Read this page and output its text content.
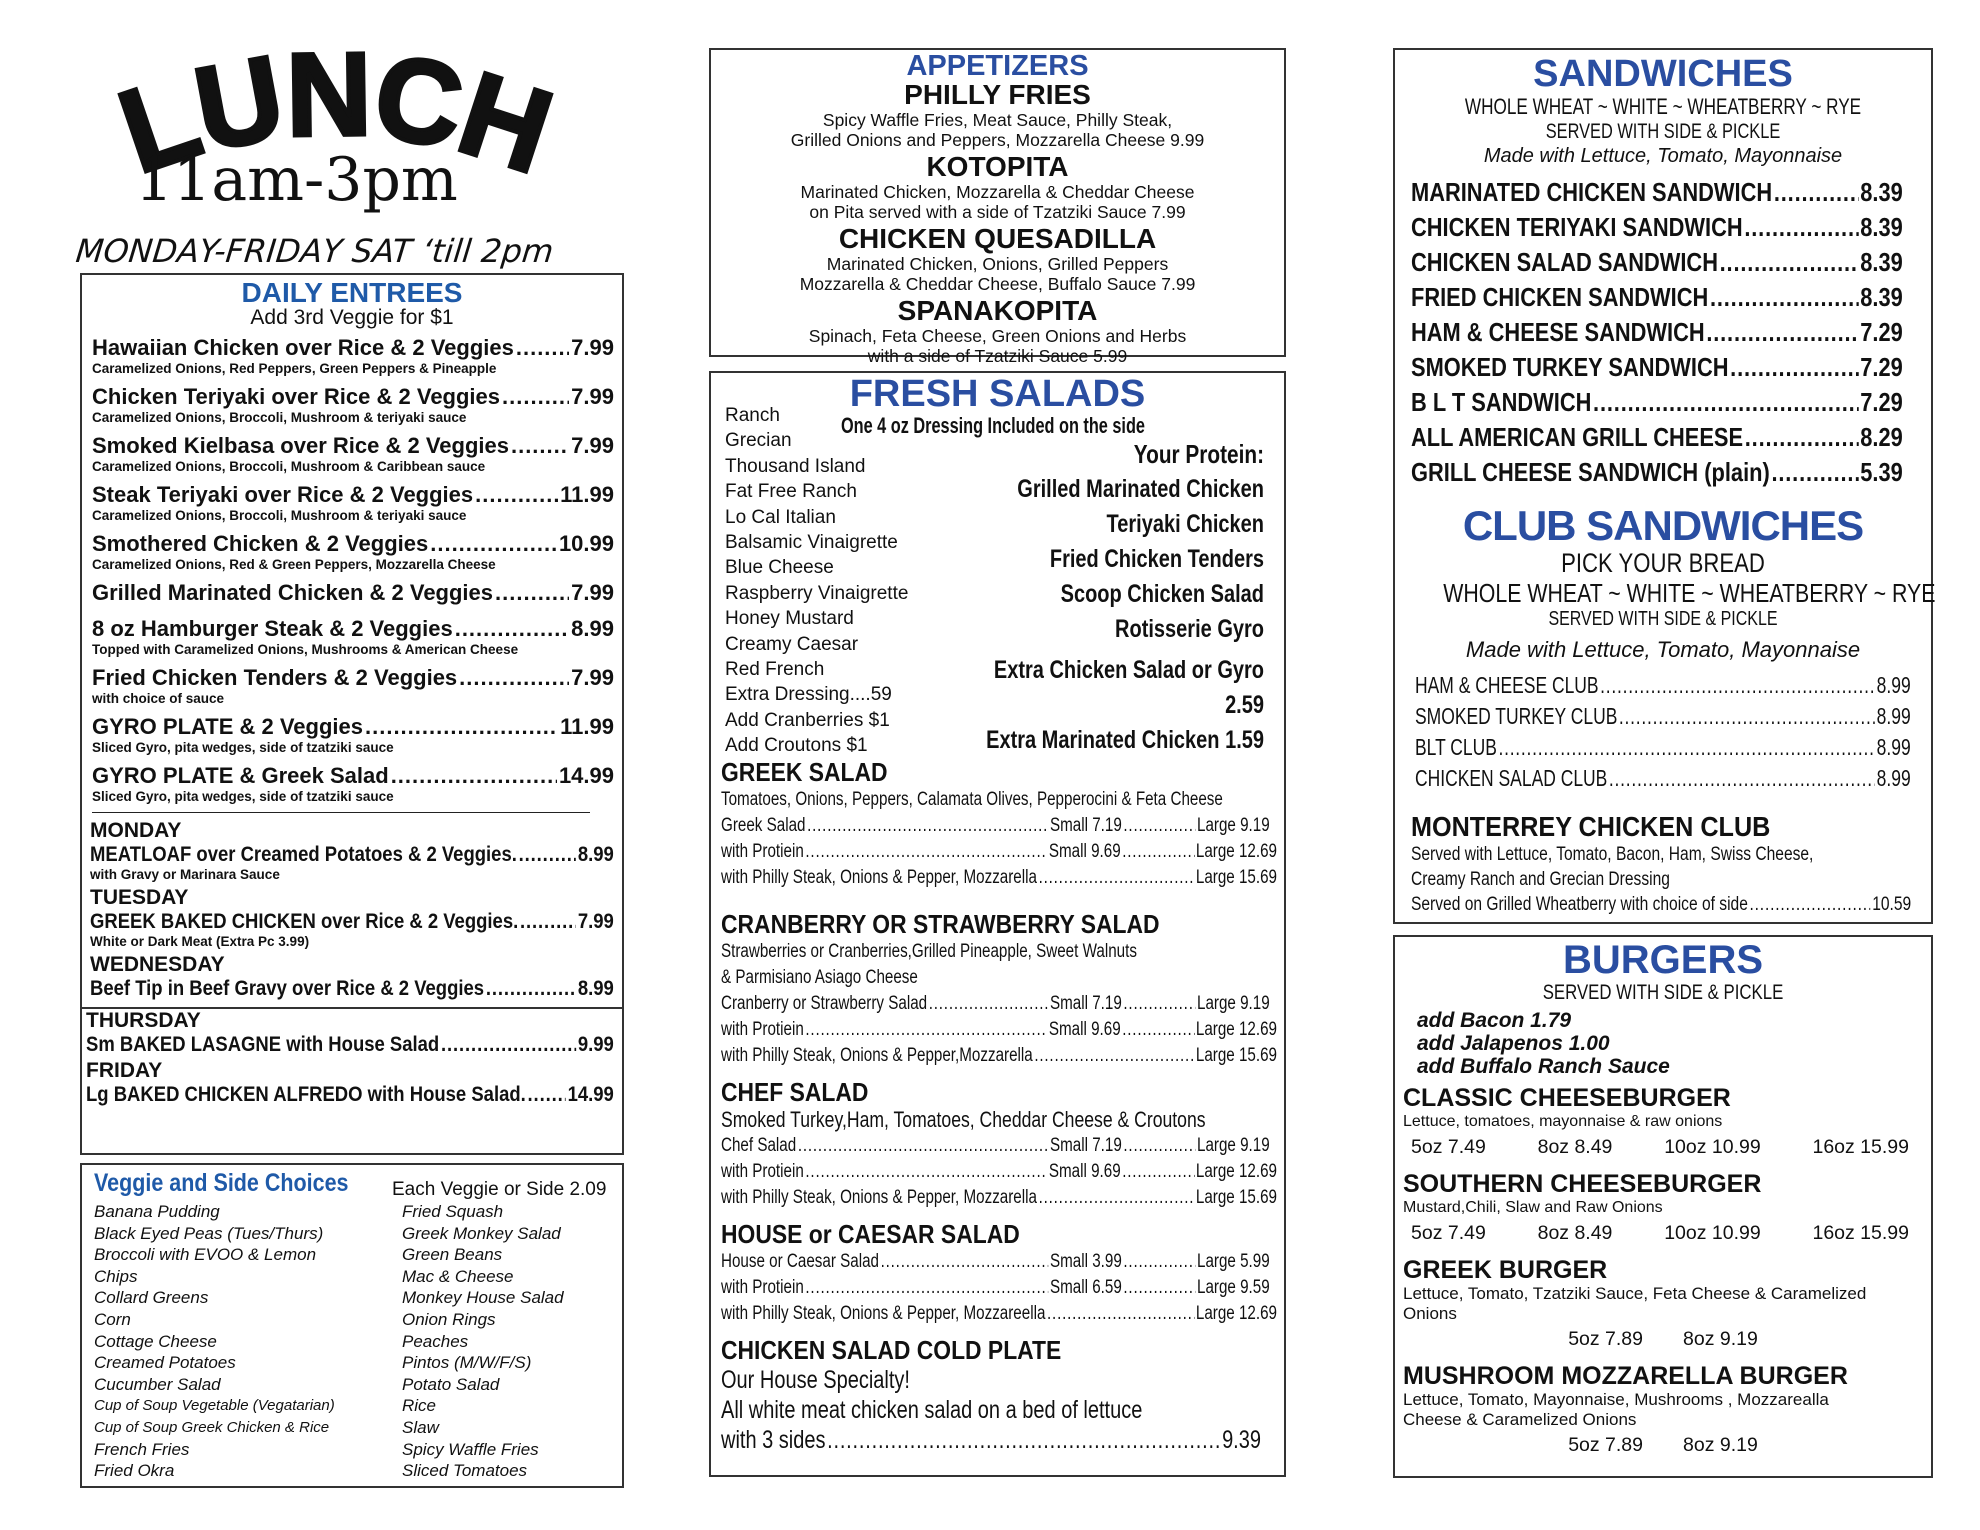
LUNCH
11am-3pm
MONDAY-FRIDAY SAT ‘till 2pm
DAILY ENTREES
Add 3rd Veggie for $1
Hawaiian Chicken over Rice & 2 Veggies .....	7.99
Caramelized Onions, Red Peppers, Green Peppers & Pineapple
Chicken Teriyaki over Rice & 2 Veggies .....	7.99
Caramelized Onions, Broccoli, Mushroom & teriyaki sauce
Smoked Kielbasa over Rice & 2 Veggies .....	7.99
Caramelized Onions, Broccoli, Mushroom & Caribbean sauce
Steak Teriyaki over Rice & 2 Veggies .....	11.99
Caramelized Onions, Broccoli, Mushroom & teriyaki sauce
Smothered Chicken & 2 Veggies .....	10.99
Caramelized Onions, Red & Green Peppers, Mozzarella Cheese
Grilled Marinated Chicken & 2 Veggies .....	7.99
8 oz Hamburger Steak & 2 Veggies .....	8.99
Topped with Caramelized Onions, Mushrooms & American Cheese
Fried Chicken Tenders & 2 Veggies .....	7.99
with choice of sauce
GYRO PLATE & 2 Veggies .....	11.99
Sliced Gyro, pita wedges, side of tzatziki sauce
GYRO PLATE & Greek Salad .....	14.99
Sliced Gyro, pita wedges, side of tzatziki sauce
MONDAY
MEATLOAF over Creamed Potatoes & 2 Veggies. .....	8.99
with Gravy or Marinara Sauce
TUESDAY
GREEK BAKED CHICKEN over Rice & 2 Veggies. .....	7.99
White or Dark Meat (Extra Pc 3.99)
WEDNESDAY
Beef Tip in Beef Gravy over Rice & 2 Veggies .....	8.99
THURSDAY
Sm BAKED LASAGNE with House Salad .....	9.99
FRIDAY
Lg BAKED CHICKEN ALFREDO with House Salad. ..... 14.99
Veggie and Side Choices Each Veggie or Side 2.09
Banana Pudding
Black Eyed Peas (Tues/Thurs)
Broccoli with EVOO & Lemon
Chips
Collard Greens
Corn
Cottage Cheese
Creamed Potatoes
Cucumber Salad
Cup of Soup Vegetable (Vegatarian)
Cup of Soup Greek Chicken & Rice
French Fries
Fried Okra
Fried Squash
Greek Monkey Salad
Green Beans
Mac & Cheese
Monkey House Salad
Onion Rings
Peaches
Pintos (M/W/F/S)
Potato Salad
Rice
Slaw
Spicy Waffle Fries
Sliced Tomatoes
APPETIZERS
PHILLY FRIES
Spicy Waffle Fries, Meat Sauce, Philly Steak,
Grilled Onions and Peppers, Mozzarella Cheese 9.99
KOTOPITA
Marinated Chicken, Mozzarella & Cheddar Cheese
on Pita served with a side of Tzatziki Sauce 7.99
CHICKEN QUESADILLA
Marinated Chicken, Onions, Grilled Peppers
Mozzarella & Cheddar Cheese, Buffalo Sauce 7.99
SPANAKOPITA
Spinach, Feta Cheese, Green Onions and Herbs
with a side of Tzatziki Sauce 5.99
FRESH SALADS
One 4 oz Dressing Included on the side
Ranch
Grecian
Thousand Island
Fat Free Ranch
Lo Cal Italian
Balsamic Vinaigrette
Blue Cheese
Raspberry Vinaigrette
Honey Mustard
Creamy Caesar
Red French
Extra Dressing....59
Add Cranberries $1
Add Croutons $1
Your Protein:
Grilled Marinated Chicken
Teriyaki Chicken
Fried Chicken Tenders
Scoop Chicken Salad
Rotisserie Gyro
Extra Chicken Salad or Gyro 2.59
Extra Marinated Chicken 1.59
GREEK SALAD
Tomatoes, Onions, Peppers, Calamata Olives, Pepperocini & Feta Cheese
Greek Salad .....	Small 7.19 .....	Large 9.19
with Protiein .....	Small 9.69 .....	Large 12.69
with Philly Steak, Onions & Pepper, Mozzarella .....	Large 15.69
CRANBERRY OR STRAWBERRY SALAD
Strawberries or Cranberries,Grilled Pineapple, Sweet Walnuts
& Parmisiano Asiago Cheese
Cranberry or Strawberry Salad .....	Small 7.19 .....	Large 9.19
with Protiein .....	Small 9.69 .....	Large 12.69
with Philly Steak, Onions & Pepper,Mozzarella .....	Large 15.69
CHEF SALAD
Smoked Turkey,Ham, Tomatoes, Cheddar Cheese & Croutons
Chef Salad .....	Small 7.19 .....	Large 9.19
with Protiein .....	Small 9.69 .....	Large 12.69
with Philly Steak, Onions & Pepper, Mozzarella .....	Large 15.69
HOUSE or CAESAR SALAD
House or Caesar Salad .....	Small 3.99 .....	Large 5.99
with Protiein .....	Small 6.59 .....	Large 9.59
with Philly Steak, Onions & Pepper, Mozzareella .....	Large 12.69
CHICKEN SALAD COLD PLATE
Our House Specialty!
All white meat chicken salad on a bed of lettuce
with 3 sides .....	9.39
SANDWICHES
WHOLE WHEAT ~ WHITE ~ WHEATBERRY ~ RYE
SERVED WITH SIDE & PICKLE
Made with Lettuce, Tomato, Mayonnaise
MARINATED CHICKEN SANDWICH .....	8.39
CHICKEN TERIYAKI SANDWICH .....	8.39
CHICKEN SALAD SANDWICH .....	8.39
FRIED CHICKEN SANDWICH .....	8.39
HAM & CHEESE SANDWICH .....	7.29
SMOKED TURKEY SANDWICH .....	7.29
B L T SANDWICH .....	7.29
ALL AMERICAN GRILL CHEESE .....	8.29
GRILL CHEESE SANDWICH (plain) .....	5.39
CLUB SANDWICHES
PICK YOUR BREAD
WHOLE WHEAT ~ WHITE ~ WHEATBERRY ~ RYE
SERVED WITH SIDE & PICKLE
Made with Lettuce, Tomato, Mayonnaise
HAM & CHEESE CLUB .....	8.99
SMOKED TURKEY CLUB .....	8.99
BLT CLUB .....	8.99
CHICKEN SALAD CLUB .....	8.99
MONTERREY CHICKEN CLUB
Served with Lettuce, Tomato, Bacon, Ham, Swiss Cheese,
Creamy Ranch and Grecian Dressing
Served on Grilled Wheatberry with choice of side .....	10.59
BURGERS
SERVED WITH SIDE & PICKLE
add Bacon 1.79
add Jalapenos 1.00
add Buffalo Ranch Sauce
CLASSIC CHEESEBURGER
Lettuce, tomatoes, mayonnaise & raw onions
5oz 7.49	8oz 8.49	10oz 10.99	16oz 15.99
SOUTHERN CHEESEBURGER
Mustard,Chili, Slaw and Raw Onions
5oz 7.49	8oz 8.49	10oz 10.99	16oz 15.99
GREEK BURGER
Lettuce, Tomato, Tzatziki Sauce, Feta Cheese & Caramelized Onions
5oz 7.89 8oz 9.19
MUSHROOM MOZZARELLA BURGER
Lettuce, Tomato, Mayonnaise, Mushrooms , Mozzarealla
Cheese & Caramelized Onions
5oz 7.89 8oz 9.19
